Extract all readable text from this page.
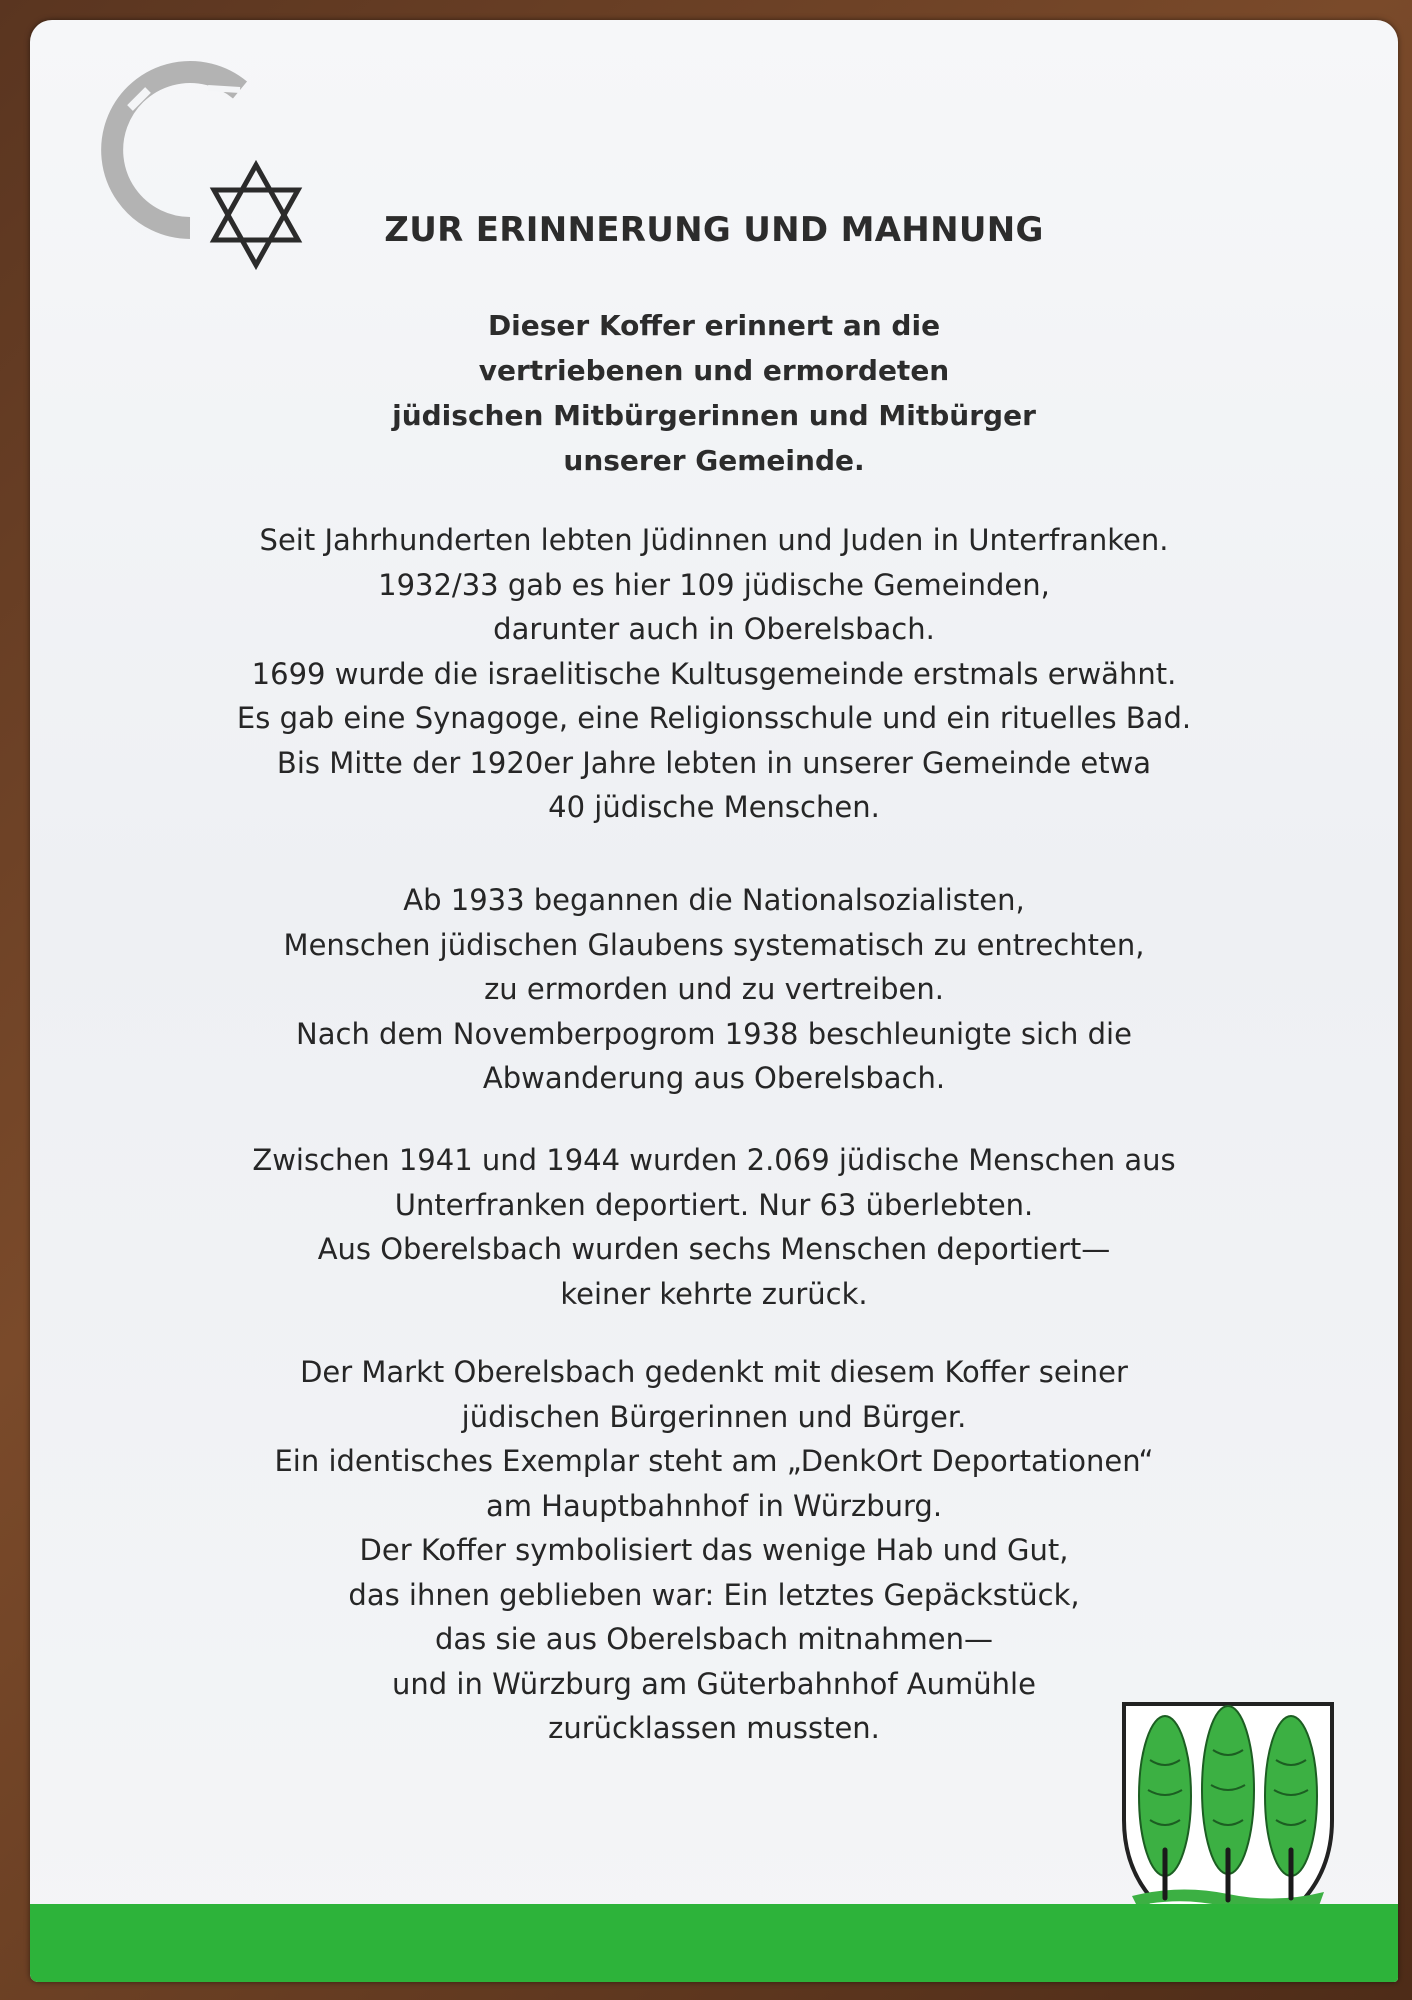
ZUR ERINNERUNG UND MAHNUNG
Dieser Koffer erinnert an die
vertriebenen und ermordeten
jüdischen Mitbürgerinnen und Mitbürger
unserer Gemeinde.
Seit Jahrhunderten lebten Jüdinnen und Juden in Unterfranken.
1932/33 gab es hier 109 jüdische Gemeinden,
darunter auch in Oberelsbach.
1699 wurde die israelitische Kultusgemeinde erstmals erwähnt.
Es gab eine Synagoge, eine Religionsschule und ein rituelles Bad.
Bis Mitte der 1920er Jahre lebten in unserer Gemeinde etwa
40 jüdische Menschen.
Ab 1933 begannen die Nationalsozialisten,
Menschen jüdischen Glaubens systematisch zu entrechten,
zu ermorden und zu vertreiben.
Nach dem Novemberpogrom 1938 beschleunigte sich die
Abwanderung aus Oberelsbach.
Zwischen 1941 und 1944 wurden 2.069 jüdische Menschen aus
Unterfranken deportiert. Nur 63 überlebten.
Aus Oberelsbach wurden sechs Menschen deportiert—
keiner kehrte zurück.
Der Markt Oberelsbach gedenkt mit diesem Koffer seiner
jüdischen Bürgerinnen und Bürger.
Ein identisches Exemplar steht am „DenkOrt Deportationen“
am Hauptbahnhof in Würzburg.
Der Koffer symbolisiert das wenige Hab und Gut,
das ihnen geblieben war: Ein letztes Gepäckstück,
das sie aus Oberelsbach mitnahmen—
und in Würzburg am Güterbahnhof Aumühle
zurücklassen mussten.
